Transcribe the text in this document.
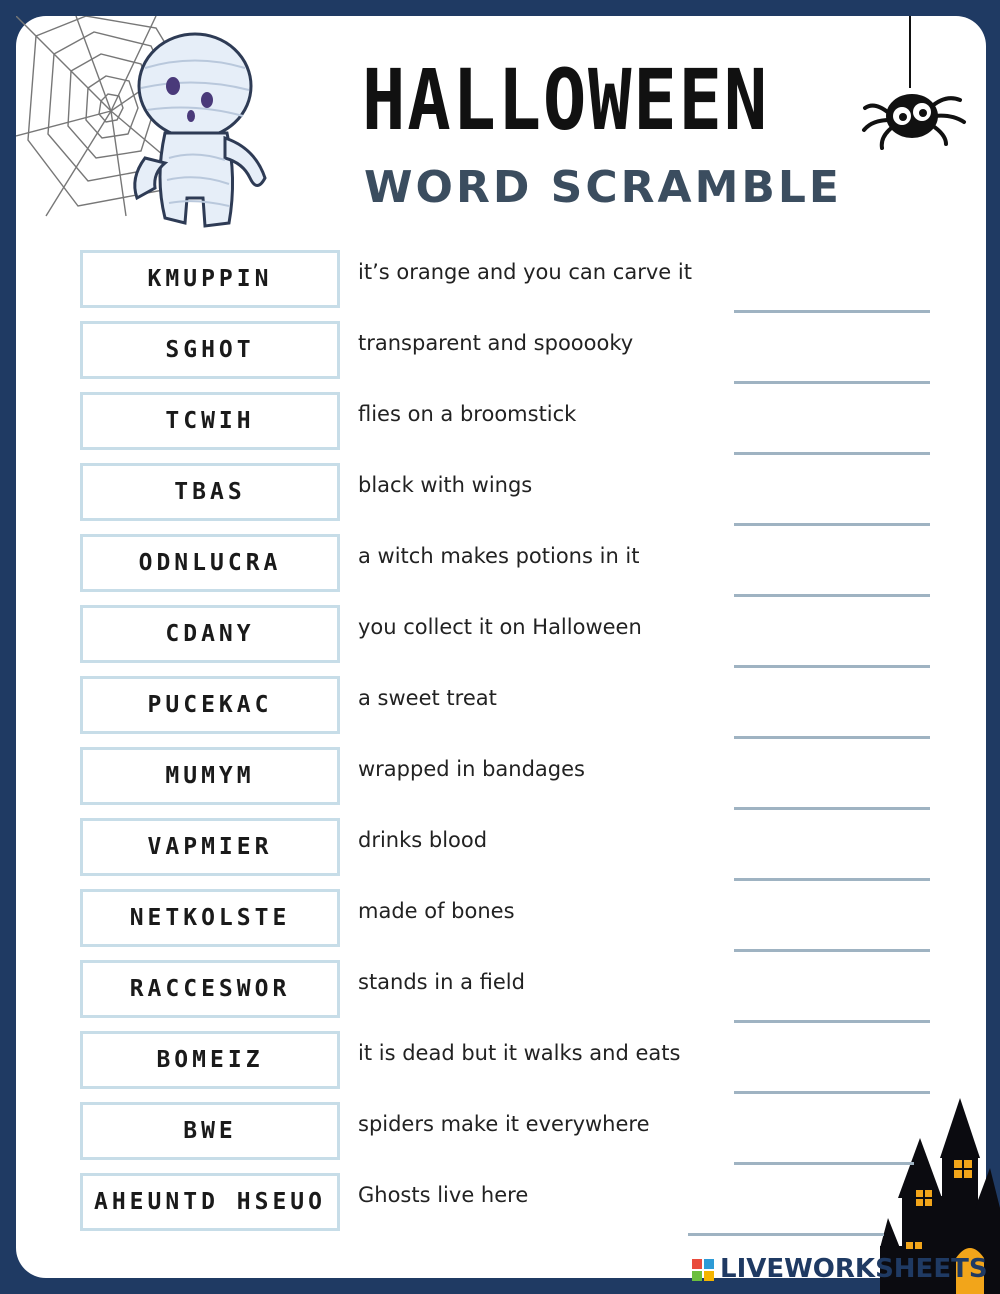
HALLOWEEN
WORD SCRAMBLE
KMUPPIN	it’s orange and you can carve it
SGHOT	transparent and spooooky
TCWIH	flies on a broomstick
TBAS	black with wings
ODNLUCRA	a witch makes potions in it
CDANY	you collect it on Halloween
PUCEKAC	a sweet treat
MUMYM	wrapped in bandages
VAPMIER	drinks blood
NETKOLSTE	made of bones
RACCESWOR	stands in a field
BOMEIZ	it is dead but it walks and eats
BWE	spiders make it everywhere
AHEUNTD HSEUO	Ghosts live here
LIVEWORKSHEETS
